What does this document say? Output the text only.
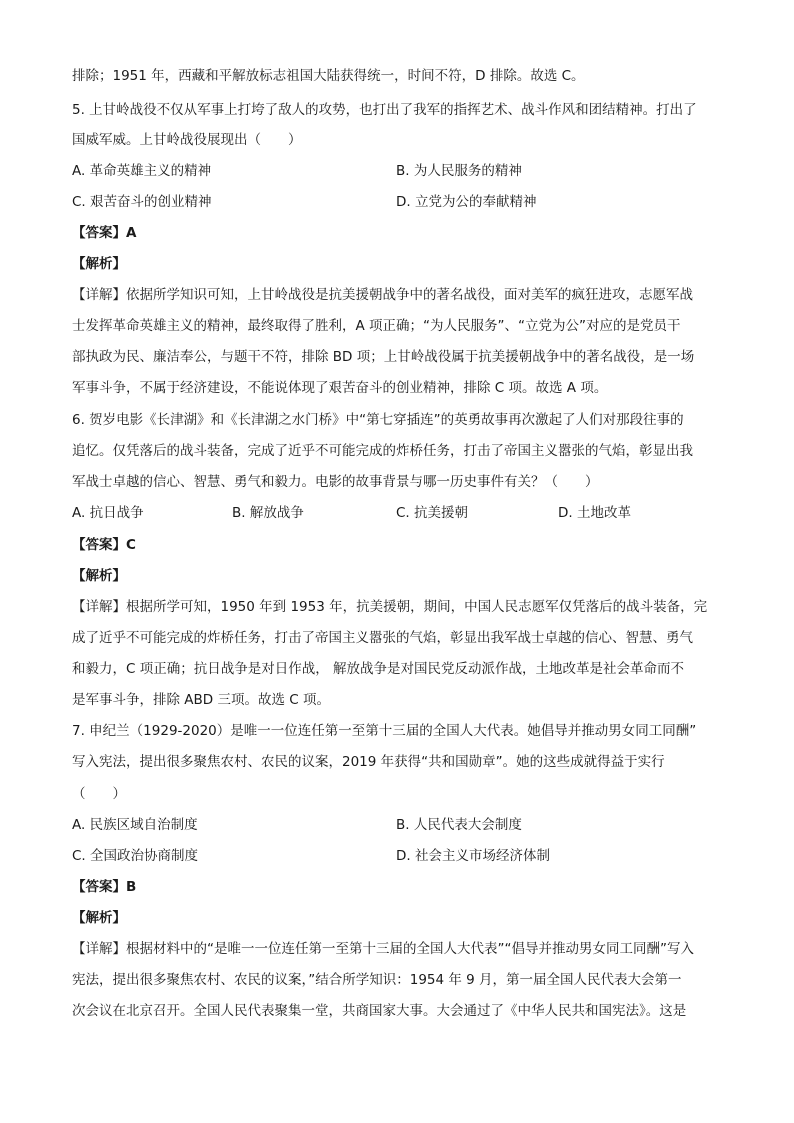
排除；1951 年，西藏和平解放标志祖国大陆获得统一，时间不符，D 排除。故选 C。
5. 上甘岭战役不仅从军事上打垮了敌人的攻势，也打出了我军的指挥艺术、战斗作风和团结精神。打出了
国威军威。上甘岭战役展现出（　　）
A. 革命英雄主义的精神	B. 为人民服务的精神
C. 艰苦奋斗的创业精神	D. 立党为公的奉献精神
【答案】A
【解析】
【详解】依据所学知识可知，上甘岭战役是抗美援朝战争中的著名战役，面对美军的疯狂进攻，志愿军战
士发挥革命英雄主义的精神，最终取得了胜利，A 项正确；“为人民服务”、“立党为公”对应的是党员干
部执政为民、廉洁奉公，与题干不符，排除 BD 项；上甘岭战役属于抗美援朝战争中的著名战役，是一场
军事斗争，不属于经济建设，不能说体现了艰苦奋斗的创业精神，排除 C 项。故选 A 项。
6. 贺岁电影《长津湖》和《长津湖之水门桥》中“第七穿插连”的英勇故事再次激起了人们对那段往事的
追忆。仅凭落后的战斗装备，完成了近乎不可能完成的炸桥任务，打击了帝国主义嚣张的气焰，彰显出我
军战士卓越的信心、智慧、勇气和毅力。电影的故事背景与哪一历史事件有关？（　　）
A. 抗日战争	B. 解放战争	C. 抗美援朝	D. 土地改革
【答案】C
【解析】
【详解】根据所学可知，1950 年到 1953 年，抗美援朝，期间，中国人民志愿军仅凭落后的战斗装备，完
成了近乎不可能完成的炸桥任务，打击了帝国主义嚣张的气焰，彰显出我军战士卓越的信心、智慧、勇气
和毅力，C 项正确；抗日战争是对日作战， 解放战争是对国民党反动派作战，土地改革是社会革命而不
是军事斗争，排除 ABD 三项。故选 C 项。
7. 申纪兰（1929-2020）是唯一一位连任第一至第十三届的全国人大代表。她倡导并推动男女同工同酬”
写入宪法，提出很多聚焦农村、农民的议案，2019 年获得“共和国勋章”。她的这些成就得益于实行
（　　）
A. 民族区域自治制度	B. 人民代表大会制度
C. 全国政治协商制度	D. 社会主义市场经济体制
【答案】B
【解析】
【详解】根据材料中的“是唯一一位连任第一至第十三届的全国人大代表”“倡导并推动男女同工同酬”写入
宪法，提出很多聚焦农村、农民的议案，”结合所学知识：1954 年 9 月，第一届全国人民代表大会第一
次会议在北京召开。全国人民代表聚集一堂，共商国家大事。大会通过了《中华人民共和国宪法》。这是
